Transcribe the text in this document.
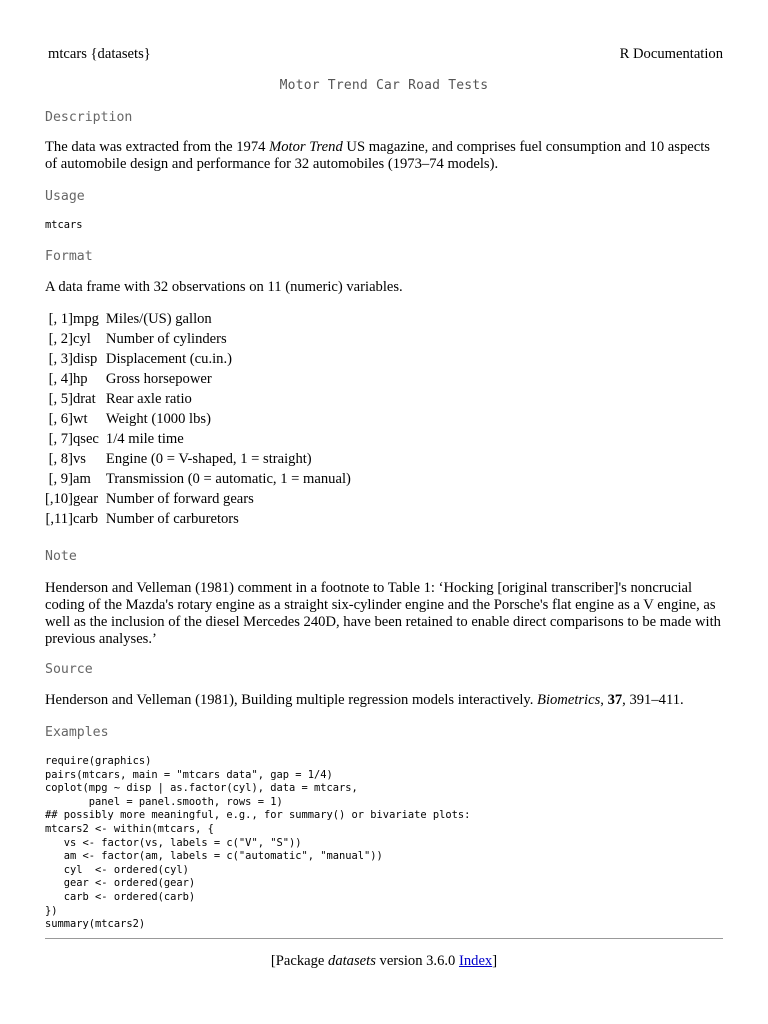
mtcars {datasets}	R Documentation
Motor Trend Car Road Tests
Description
The data was extracted from the 1974 Motor Trend US magazine, and comprises fuel consumption and 10 aspects of automobile design and performance for 32 automobiles (1973–74 models).
Usage
mtcars
Format
A data frame with 32 observations on 11 (numeric) variables.
[, 1]	mpg	Miles/(US) gallon
[, 2]	cyl	Number of cylinders
[, 3]	disp	Displacement (cu.in.)
[, 4]	hp	Gross horsepower
[, 5]	drat	Rear axle ratio
[, 6]	wt	Weight (1000 lbs)
[, 7]	qsec	1/4 mile time
[, 8]	vs	Engine (0 = V-shaped, 1 = straight)
[, 9]	am	Transmission (0 = automatic, 1 = manual)
[,10]	gear	Number of forward gears
[,11]	carb	Number of carburetors
Note
Henderson and Velleman (1981) comment in a footnote to Table 1: ‘Hocking [original transcriber]'s noncrucial coding of the Mazda's rotary engine as a straight six-cylinder engine and the Porsche's flat engine as a V engine, as well as the inclusion of the diesel Mercedes 240D, have been retained to enable direct comparisons to be made with previous analyses.’
Source
Henderson and Velleman (1981), Building multiple regression models interactively. Biometrics, 37, 391–411.
Examples
require(graphics)
pairs(mtcars, main = "mtcars data", gap = 1/4)
coplot(mpg ~ disp | as.factor(cyl), data = mtcars,
panel = panel.smooth, rows = 1)
## possibly more meaningful, e.g., for summary() or bivariate plots:
mtcars2 <- within(mtcars, {
vs <- factor(vs, labels = c("V", "S"))
am <- factor(am, labels = c("automatic", "manual"))
cyl  <- ordered(cyl)
gear <- ordered(gear)
carb <- ordered(carb)
})
summary(mtcars2)
[Package datasets version 3.6.0 Index]
